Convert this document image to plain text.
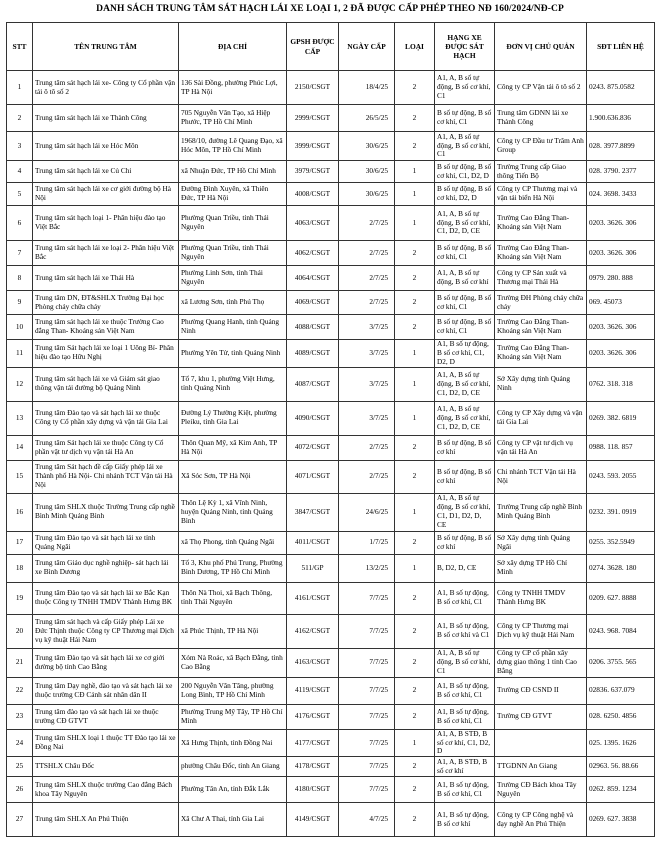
DANH SÁCH TRUNG TÂM SÁT HẠCH LÁI XE LOẠI 1, 2 ĐÃ ĐƯỢC CẤP PHÉP THEO NĐ 160/2024/NĐ-CP
STT	TÊN TRUNG TÂM	ĐỊA CHỈ	GPSH ĐƯỢC CẤP	NGÀY CẤP	LOẠI	HẠNG XE ĐƯỢC SÁT HẠCH	ĐƠN VỊ CHỦ QUẢN	SĐT LIÊN HỆ
1	Trung tâm sát hạch lái xe- Công ty Cổ phần vận tải ô tô số 2	136 Sài Đồng, phường Phúc Lợi, TP Hà Nội	2150/CSGT	18/4/25	2	A1, A, B số tự động, B số cơ khí, C1	Công ty CP Vận tải ô tô số 2	0243. 875.0582
2	Trung tâm sát hạch lái xe Thành Công	705 Nguyễn Văn Tạo, xã Hiệp Phước, TP Hồ Chí Minh	2999/CSGT	26/5/25	2	B số tự động, B số cơ khí, C1	Trung tâm GDNN lái xe Thành Công	1.900.636.836
3	Trung tâm sát hạch lái xe Hóc Môn	1968/10, đường Lê Quang Đạo, xã Hóc Môn, TP Hồ Chí Minh	3999/CSGT	30/6/25	2	A1, A, B số tự động, B số cơ khí, C1	Công ty CP Đầu tư Trâm Anh Group	028. 3977.8899
4	Trung tâm sát hạch lái xe Củ Chi	xã Nhuận Đức, TP Hồ Chí Minh	3979/CSGT	30/6/25	1	B số tự động, B số cơ khí, C1, D2, D	Trường Trung cấp Giao thông Tiến Bộ	028. 3790. 2377
5	Trung tâm sát hạch lái xe cơ giới đường bộ Hà Nội	Đường Đình Xuyên, xã Thiên Đức, TP Hà Nội	4008/CSGT	30/6/25	1	B số tự động, B số cơ khí, D2, D	Công ty CP Thương mại và vận tải biển Hà Nội	024. 3698. 3433
6	Trung tâm sát hạch loại 1- Phân hiệu đào tạo Việt Bắc	Phường Quan Triều, tỉnh Thái Nguyên	4063/CSGT	2/7/25	1	A1, A, B số tự động, B số cơ khí, C1, D2, D, CE	Trường Cao Đẳng Than-Khoáng sản Việt Nam	0203. 3626. 306
7	Trung tâm sát hạch lái xe loại 2- Phân hiệu Việt Bắc	Phường Quan Triều, tỉnh Thái Nguyên	4062/CSGT	2/7/25	2	B số tự động, B số cơ khí, C1	Trường Cao Đẳng Than-Khoáng sản Việt Nam	0203. 3626. 306
8	Trung tâm sát hạch lái xe Thái Hà	Phường Linh Sơn, tỉnh Thái Nguyên	4064/CSGT	2/7/25	2	A1, A, B số tự động, B số cơ khí	Công ty CP Sản xuất và Thương mại Thái Hà	0979. 280. 888
9	Trung tâm DN, ĐT&SHLX Trường Đại học Phòng cháy chữa cháy	xã Lương Sơn, tỉnh Phú Thọ	4069/CSGT	2/7/25	2	B số tự động, B số cơ khí, C1	Trường ĐH Phòng cháy chữa cháy	069. 45073
10	Trung tâm sát hạch lái xe thuộc Trường Cao đẳng Than- Khoáng sản Việt Nam	Phường Quang Hanh, tỉnh Quảng Ninh	4088/CSGT	3/7/25	2	B số tự động, B số cơ khí, C1	Trường Cao Đẳng Than-Khoáng sản Việt Nam	0203. 3626. 306
11	Trung tâm Sát hạch lái xe loại 1 Uông Bí- Phân hiệu đào tạo Hữu Nghị	Phường Yên Tử, tỉnh Quảng Ninh	4089/CSGT	3/7/25	1	A1, B số tự động, B số cơ khí, C1, D2, D	Trường Cao Đẳng Than-Khoáng sản Việt Nam	0203. 3626. 306
12	Trung tâm sát hạch lái xe và Giám sát giao thông vận tải đường bộ Quảng Ninh	Tổ 7, khu 1, phường Việt Hưng, tỉnh Quảng Ninh	4087/CSGT	3/7/25	1	A1, A, B số tự động, B số cơ khí, C1, D2, D, CE	Sở Xây dựng tỉnh Quảng Ninh	0762. 318. 318
13	Trung tâm Đào tạo và sát hạch lái xe thuộc Công ty Cổ phần xây dựng và vận tải Gia Lai	Đường Lý Thường Kiệt, phường Pleiku, tỉnh Gia Lai	4090/CSGT	3/7/25	1	A1, A, B số tự động, B số cơ khí, C1, D2, D, CE	Công ty CP Xây dựng và vận tải Gia Lai	0269. 382. 6819
14	Trung tâm Sát hạch lái xe thuộc Công ty Cổ phần vật tư dịch vụ vận tải Hà An	Thôn Quan Mỹ, xã Kim Anh, TP Hà Nội	4072/CSGT	2/7/25	2	B số tự động, B số cơ khí	Công ty CP vật tư dịch vụ vận tải Hà An	0988. 118. 857
15	Trung tâm Sát hạch đề cấp Giấy phép lái xe Thành phố Hà Nội- Chi nhánh TCT Vận tải Hà Nội	Xã Sóc Sơn, TP Hà Nội	4071/CSGT	2/7/25	2	B số tự động, B số cơ khí	Chi nhánh TCT Vận tải Hà Nội	0243. 593. 2055
16	Trung tâm SHLX thuộc Trường Trung cấp nghề Bình Minh Quảng Bình	Thôn Lệ Kỳ 1, xã Vĩnh Ninh, huyện Quảng Ninh, tỉnh Quảng Bình	3847/CSGT	24/6/25	1	A1, A, B số tự động, B số cơ khí, C1, D1, D2, D, CE	Trường Trung cấp nghề Bình Minh Quảng Bình	0232. 391. 0919
17	Trung tâm Đào tạo và sát hạch lái xe tỉnh Quảng Ngãi	xã Thọ Phong, tỉnh Quảng Ngãi	4011/CSGT	1/7/25	2	B số tự động, B số cơ khí	Sở Xây dựng tỉnh Quảng Ngãi	0255. 352.5949
18	Trung tâm Giáo dục nghề nghiệp- sát hạch lái xe Bình Dương	Tổ 3, Khu phố Phú Trung, Phường Bình Dương, TP Hồ Chí Minh	511/GP	13/2/25	1	B, D2, D, CE	Sở xây dựng TP Hồ Chí Minh	0274. 3628. 180
19	Trung tâm Đào tạo và sát hạch lái xe Bắc Kạn thuộc Công ty TNHH TMDV Thành Hưng BK	Thôn Nà Thoi, xã Bạch Thông, tỉnh Thái Nguyên	4161/CSGT	7/7/25	2	A1, B số tự động, B số cơ khí, C1	Công ty TNHH TMDV Thành Hưng BK	0209. 627. 8888
20	Trung tâm sát hạch và cấp Giấy phép Lái xe Đức Thịnh thuộc Công ty CP Thương mại Dịch vụ kỹ thuật Hải Nam	xã Phúc Thịnh, TP Hà Nội	4162/CSGT	7/7/25	2	A1, B số tự động, B số cơ khí và C1	Công ty CP Thương mại Dịch vụ kỹ thuật Hải Nam	0243. 968. 7084
21	Trung tâm Đào tạo và sát hạch lái xe cơ giới đường bộ tỉnh Cao Bằng	Xóm Nà Roác, xã Bạch Đằng, tỉnh Cao Bằng	4163/CSGT	7/7/25	2	A1, A, B số tự động, B số cơ khí, C1	Công ty CP cổ phần xây dựng giao thông 1 tỉnh Cao Bằng	0206. 3755. 565
22	Trung tâm Dạy nghề, đào tạo và sát hạch lái xe thuộc trường CĐ Cảnh sát nhân dân II	200 Nguyễn Văn Tăng, phường Long Bình, TP Hồ Chí Minh	4119/CSGT	7/7/25	2	A1, B số tự động, B số cơ khí, C1	Trường CĐ CSND II	02836. 637.079
23	Trung tâm đào tạo và sát hạch lái xe thuộc trường CĐ GTVT	Phường Trung Mỹ Tây, TP Hồ Chí Minh	4176/CSGT	7/7/25	2	A1, B số tự động, B số cơ khí, C1	Trường CĐ GTVT	028. 6250. 4856
24	Trung tâm SHLX loại 1 thuộc TT Đào tạo lái xe Đồng Nai	Xã Hưng Thịnh, tỉnh Đồng Nai	4177/CSGT	7/7/25	1	A1, A, B STĐ, B số cơ khí, C1, D2, D		025. 1395. 1626
25	TTSHLX Châu Đốc	phường Châu Đốc, tỉnh An Giang	4178/CSGT	7/7/25	2	A1, A, B STĐ, B số cơ khí	TTGDNN An Giang	02963. 56. 88.66
26	Trung tâm SHLX thuộc trường Cao đẳng Bách khoa Tây Nguyên	Phường Tân An, tỉnh Đắk Lắk	4180/CSGT	7/7/25	2	A1, B số tự động, B số cơ khí, C1	Trường CĐ Bách khoa Tây Nguyên	0262. 859. 1234
27	Trung tâm SHLX An Phú Thiện	Xã Chư A Thai, tỉnh Gia Lai	4149/CSGT	4/7/25	2	A1, B số tự động, B số cơ khí	Công ty CP Công nghệ và đạy nghề An Phú Thiện	0269. 627. 3838
